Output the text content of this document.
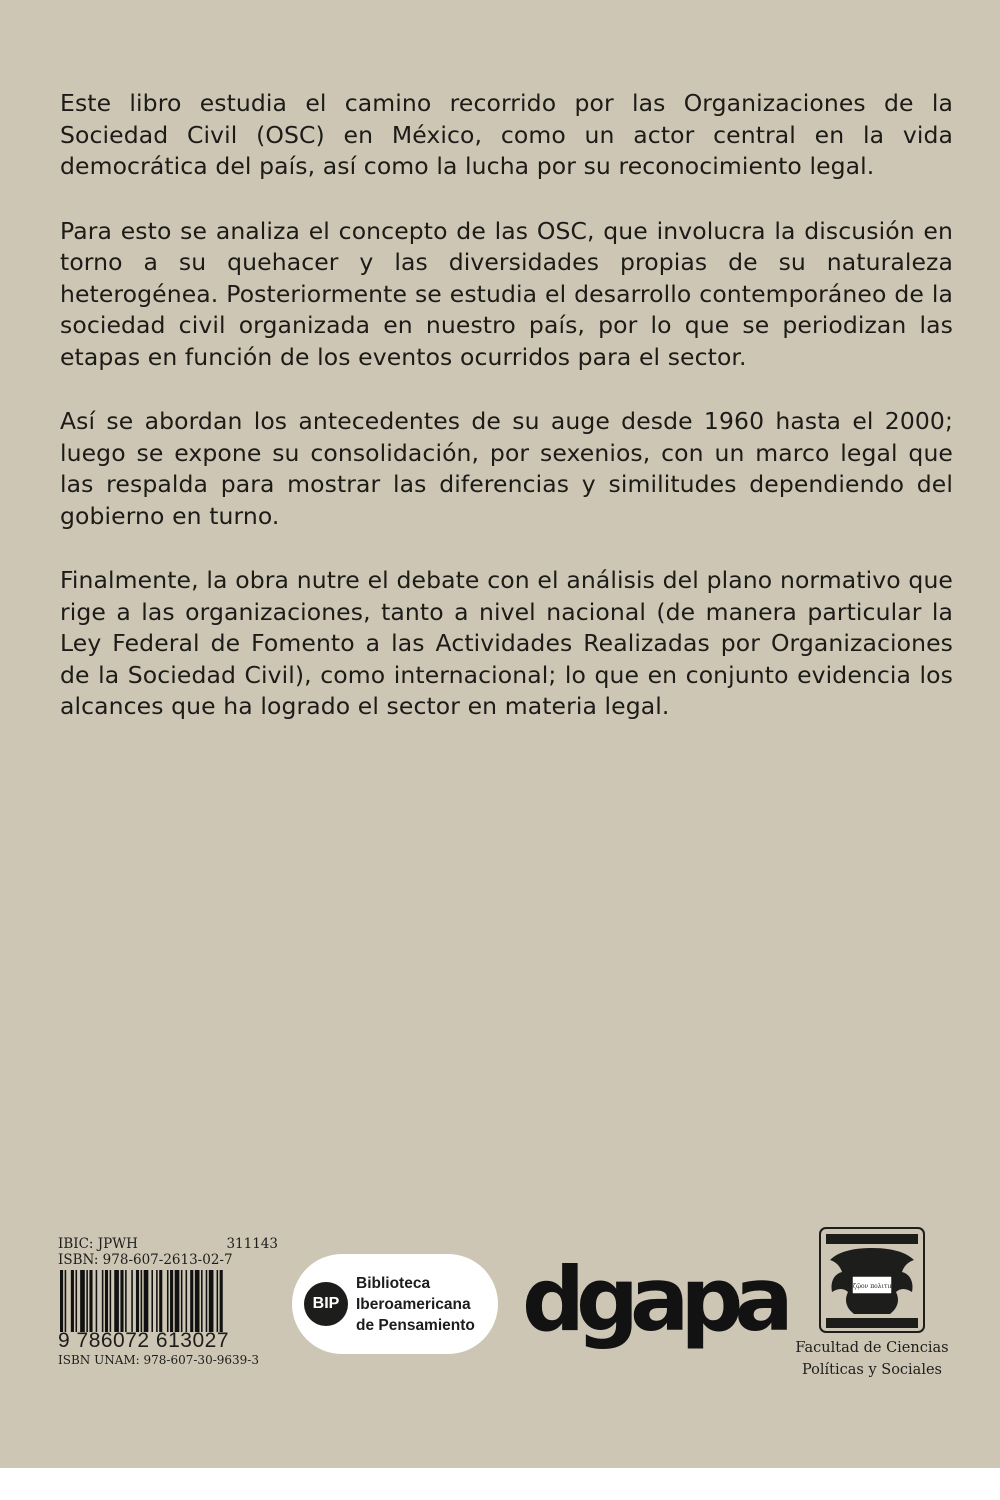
Este libro estudia el camino recorrido por las Organizaciones de la Sociedad Civil (OSC) en México, como un actor central en la vida democrática del país, así como la lucha por su reconocimiento legal.

Para esto se analiza el concepto de las OSC, que involucra la discusión en torno a su quehacer y las diversidades propias de su naturaleza heterogénea. Posteriormente se estudia el desarrollo contemporáneo de la sociedad civil organizada en nuestro país, por lo que se periodizan las etapas en función de los eventos ocurridos para el sector.

Así se abordan los antecedentes de su auge desde 1960 hasta el 2000; luego se expone su consolidación, por sexenios, con un marco legal que las respalda para mostrar las diferencias y similitudes dependiendo del gobierno en turno.

Finalmente, la obra nutre el debate con el análisis del plano normativo que rige a las organizaciones, tanto a nivel nacional (de manera particular la Ley Federal de Fomento a las Actividades Realizadas por Organizaciones de la Sociedad Civil), como internacional; lo que en conjunto evidencia los alcances que ha logrado el sector en materia legal.

IBIC: JPWH	311143
ISBN: 978-607-2613-02-7
9 786072 613027
ISBN UNAM: 978-607-30-9639-3
BIP
Biblioteca
Iberoamericana
de Pensamiento dgapa	Τὸ ζῷον πολιτικόν
Facultad de Ciencias
Políticas y Sociales
